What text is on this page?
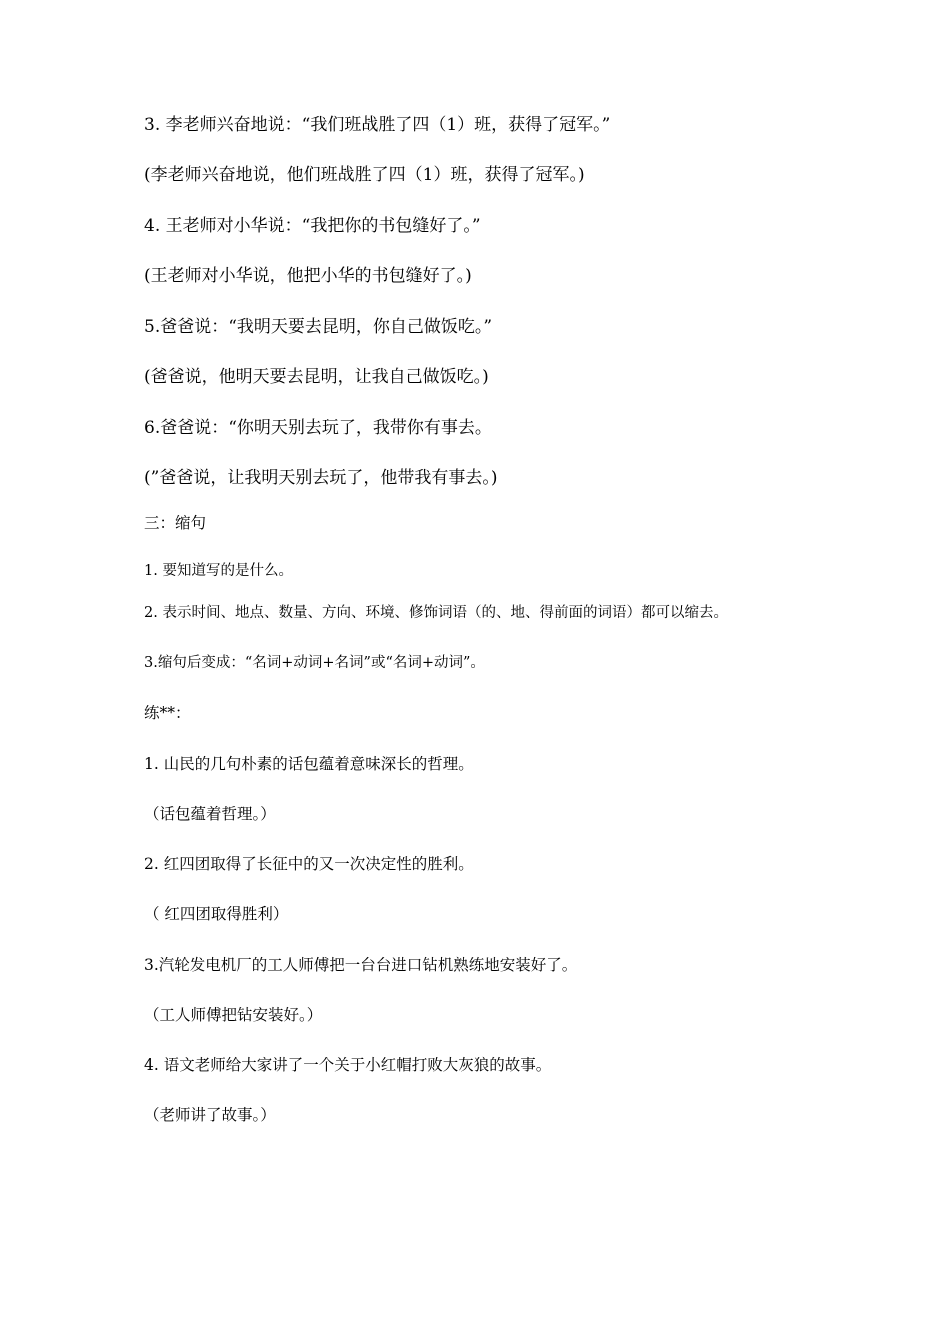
3. 李老师兴奋地说：“我们班战胜了四（1）班，获得了冠军。”
(李老师兴奋地说，他们班战胜了四（1）班，获得了冠军。)
4. 王老师对小华说：“我把你的书包缝好了。”
(王老师对小华说，他把小华的书包缝好了。)
5.爸爸说：“我明天要去昆明，你自己做饭吃。”
(爸爸说，他明天要去昆明，让我自己做饭吃。)
6.爸爸说：“你明天别去玩了，我带你有事去。
(”爸爸说，让我明天别去玩了，他带我有事去。)
三：缩句
1. 要知道写的是什么。
2. 表示时间、地点、数量、方向、环境、修饰词语（的、地、得前面的词语）都可以缩去。
3.缩句后变成：“名词+动词+名词”或“名词+动词”。
练**：
1. 山民的几句朴素的话包蕴着意味深长的哲理。
（话包蕴着哲理。）
2. 红四团取得了长征中的又一次决定性的胜利。
（ 红四团取得胜利）
3.汽轮发电机厂的工人师傅把一台台进口钻机熟练地安装好了。
（工人师傅把钻安装好。）
4. 语文老师给大家讲了一个关于小红帽打败大灰狼的故事。
（老师讲了故事。）
